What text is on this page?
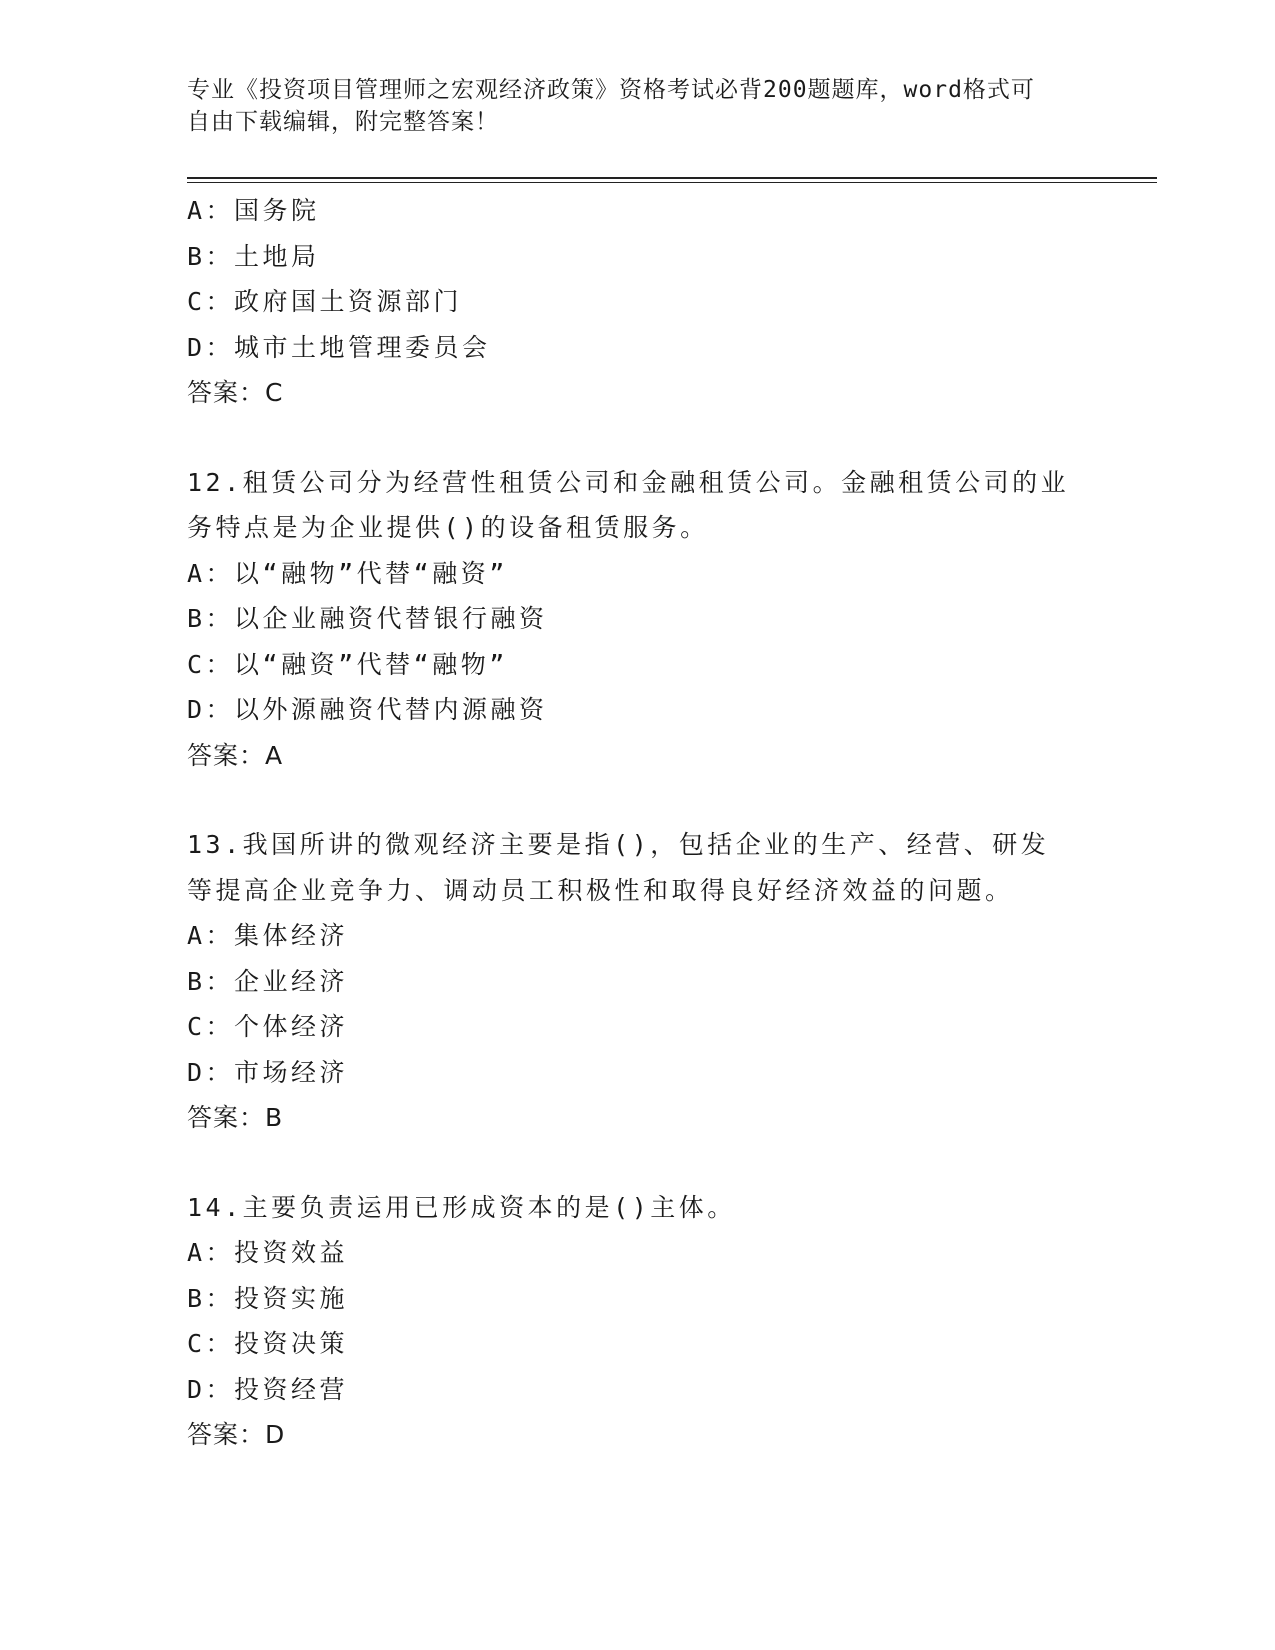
专业《投资项目管理师之宏观经济政策》资格考试必背200题题库，word格式可
自由下载编辑，附完整答案！
A：国务院
B：土地局
C：政府国土资源部门
D：城市土地管理委员会
答案：C
12.租赁公司分为经营性租赁公司和金融租赁公司。金融租赁公司的业务特点是为企业提供()的设备租赁服务。
A：以“融物”代替“融资”
B：以企业融资代替银行融资
C：以“融资”代替“融物”
D：以外源融资代替内源融资
答案：A
13.我国所讲的微观经济主要是指()，包括企业的生产、经营、研发等提高企业竞争力、调动员工积极性和取得良好经济效益的问题。
A：集体经济
B：企业经济
C：个体经济
D：市场经济
答案：B
14.主要负责运用已形成资本的是()主体。
A：投资效益
B：投资实施
C：投资决策
D：投资经营
答案：D
